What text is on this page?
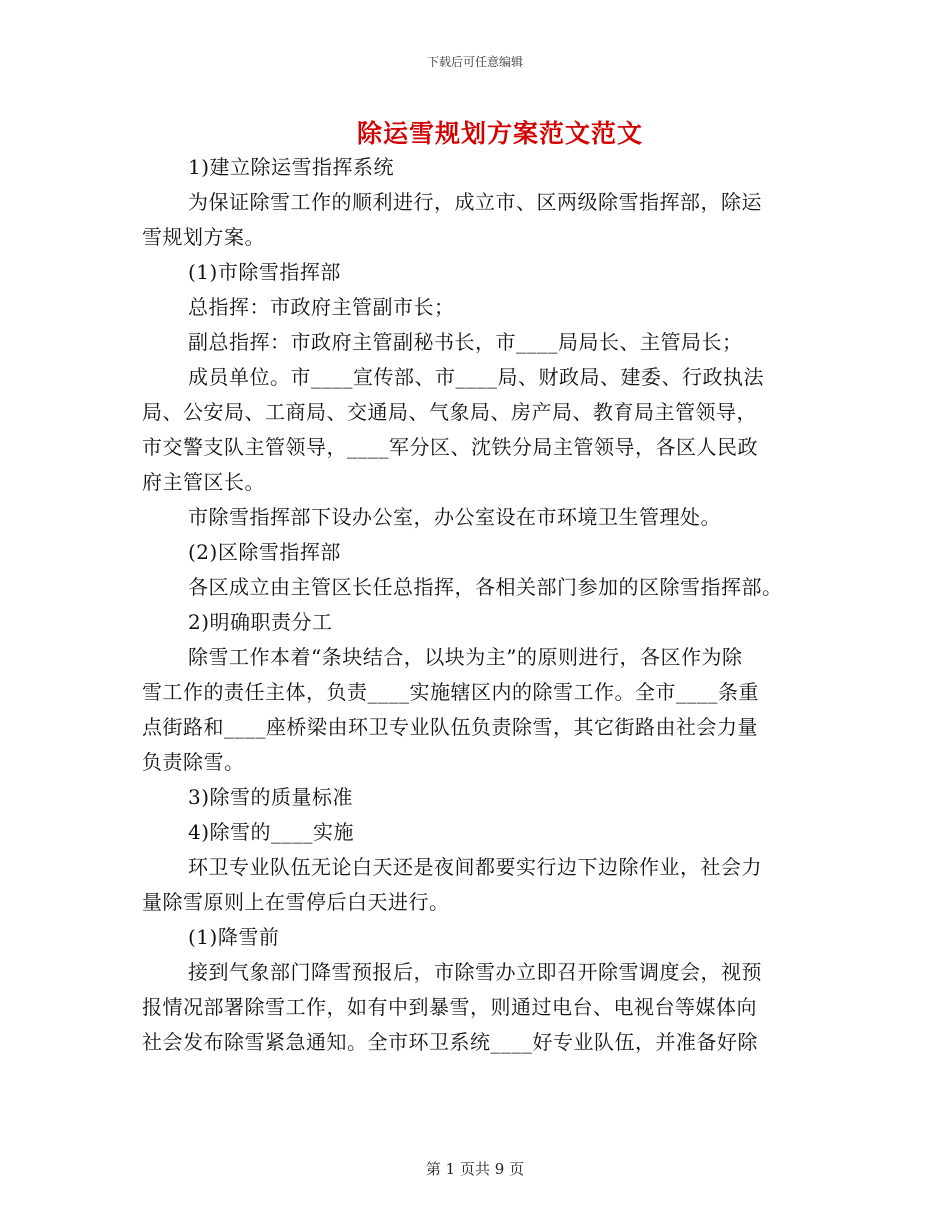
下载后可任意编辑
除运雪规划方案范文范文
1)建立除运雪指挥系统
为保证除雪工作的顺利进行，成立市、区两级除雪指挥部，除运
雪规划方案。
(1)市除雪指挥部
总指挥：市政府主管副市长；
副总指挥：市政府主管副秘书长，市____局局长、主管局长；
成员单位。市____宣传部、市____局、财政局、建委、行政执法
局、公安局、工商局、交通局、气象局、房产局、教育局主管领导，
市交警支队主管领导，____军分区、沈铁分局主管领导，各区人民政
府主管区长。
市除雪指挥部下设办公室，办公室设在市环境卫生管理处。
(2)区除雪指挥部
各区成立由主管区长任总指挥，各相关部门参加的区除雪指挥部。
2)明确职责分工
除雪工作本着“条块结合，以块为主”的原则进行，各区作为除
雪工作的责任主体，负责____实施辖区内的除雪工作。全市____条重
点街路和____座桥梁由环卫专业队伍负责除雪，其它街路由社会力量
负责除雪。
3)除雪的质量标准
4)除雪的____实施
环卫专业队伍无论白天还是夜间都要实行边下边除作业，社会力
量除雪原则上在雪停后白天进行。
(1)降雪前
接到气象部门降雪预报后，市除雪办立即召开除雪调度会，视预
报情况部署除雪工作，如有中到暴雪，则通过电台、电视台等媒体向
社会发布除雪紧急通知。全市环卫系统____好专业队伍，并准备好除
第 1 页共 9 页
